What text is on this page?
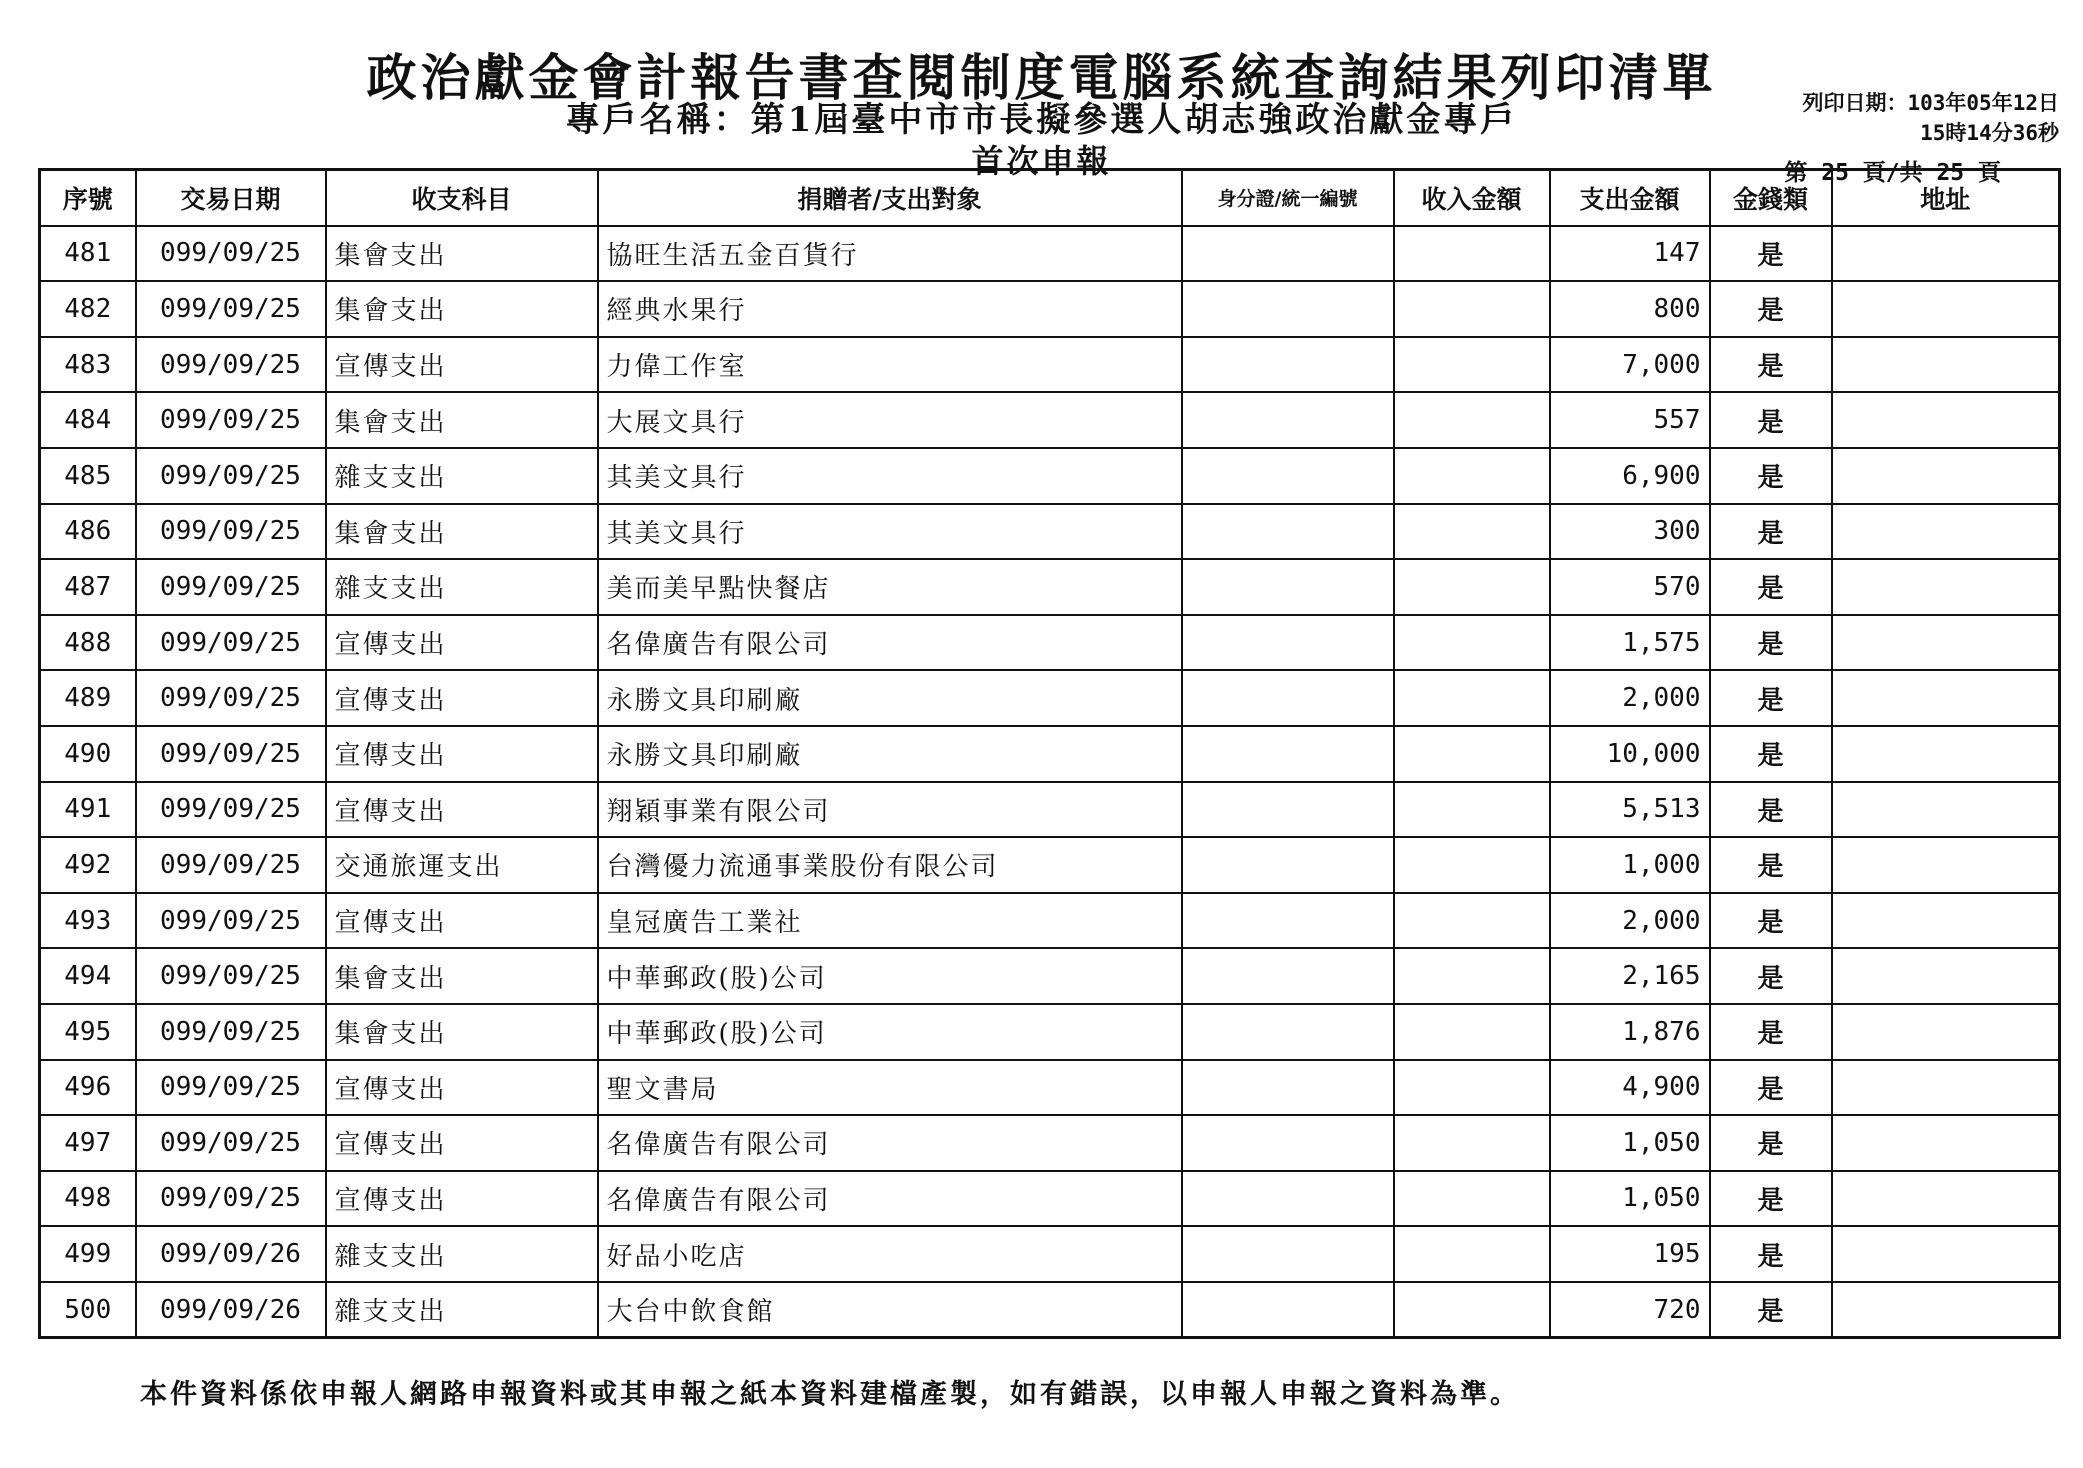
政治獻金會計報告書查閱制度電腦系統查詢結果列印清單
專戶名稱：第1屆臺中市市長擬參選人胡志強政治獻金專戶
首次申報
列印日期：103年05年12日
15時14分36秒
第 25 頁/共 25 頁
序號	交易日期	收支科目	捐贈者/支出對象	身分證/統一編號	收入金額	支出金額	金錢類	地址
481	099/09/25	集會支出	協旺生活五金百貨行			147	是	
482	099/09/25	集會支出	經典水果行			800	是	
483	099/09/25	宣傳支出	力偉工作室			7,000	是	
484	099/09/25	集會支出	大展文具行			557	是	
485	099/09/25	雜支支出	其美文具行			6,900	是	
486	099/09/25	集會支出	其美文具行			300	是	
487	099/09/25	雜支支出	美而美早點快餐店			570	是	
488	099/09/25	宣傳支出	名偉廣告有限公司			1,575	是	
489	099/09/25	宣傳支出	永勝文具印刷廠			2,000	是	
490	099/09/25	宣傳支出	永勝文具印刷廠			10,000	是	
491	099/09/25	宣傳支出	翔穎事業有限公司			5,513	是	
492	099/09/25	交通旅運支出	台灣優力流通事業股份有限公司			1,000	是	
493	099/09/25	宣傳支出	皇冠廣告工業社			2,000	是	
494	099/09/25	集會支出	中華郵政(股)公司			2,165	是	
495	099/09/25	集會支出	中華郵政(股)公司			1,876	是	
496	099/09/25	宣傳支出	聖文書局			4,900	是	
497	099/09/25	宣傳支出	名偉廣告有限公司			1,050	是	
498	099/09/25	宣傳支出	名偉廣告有限公司			1,050	是	
499	099/09/26	雜支支出	好品小吃店			195	是	
500	099/09/26	雜支支出	大台中飲食館			720	是	
本件資料係依申報人網路申報資料或其申報之紙本資料建檔產製，如有錯誤，以申報人申報之資料為準。
